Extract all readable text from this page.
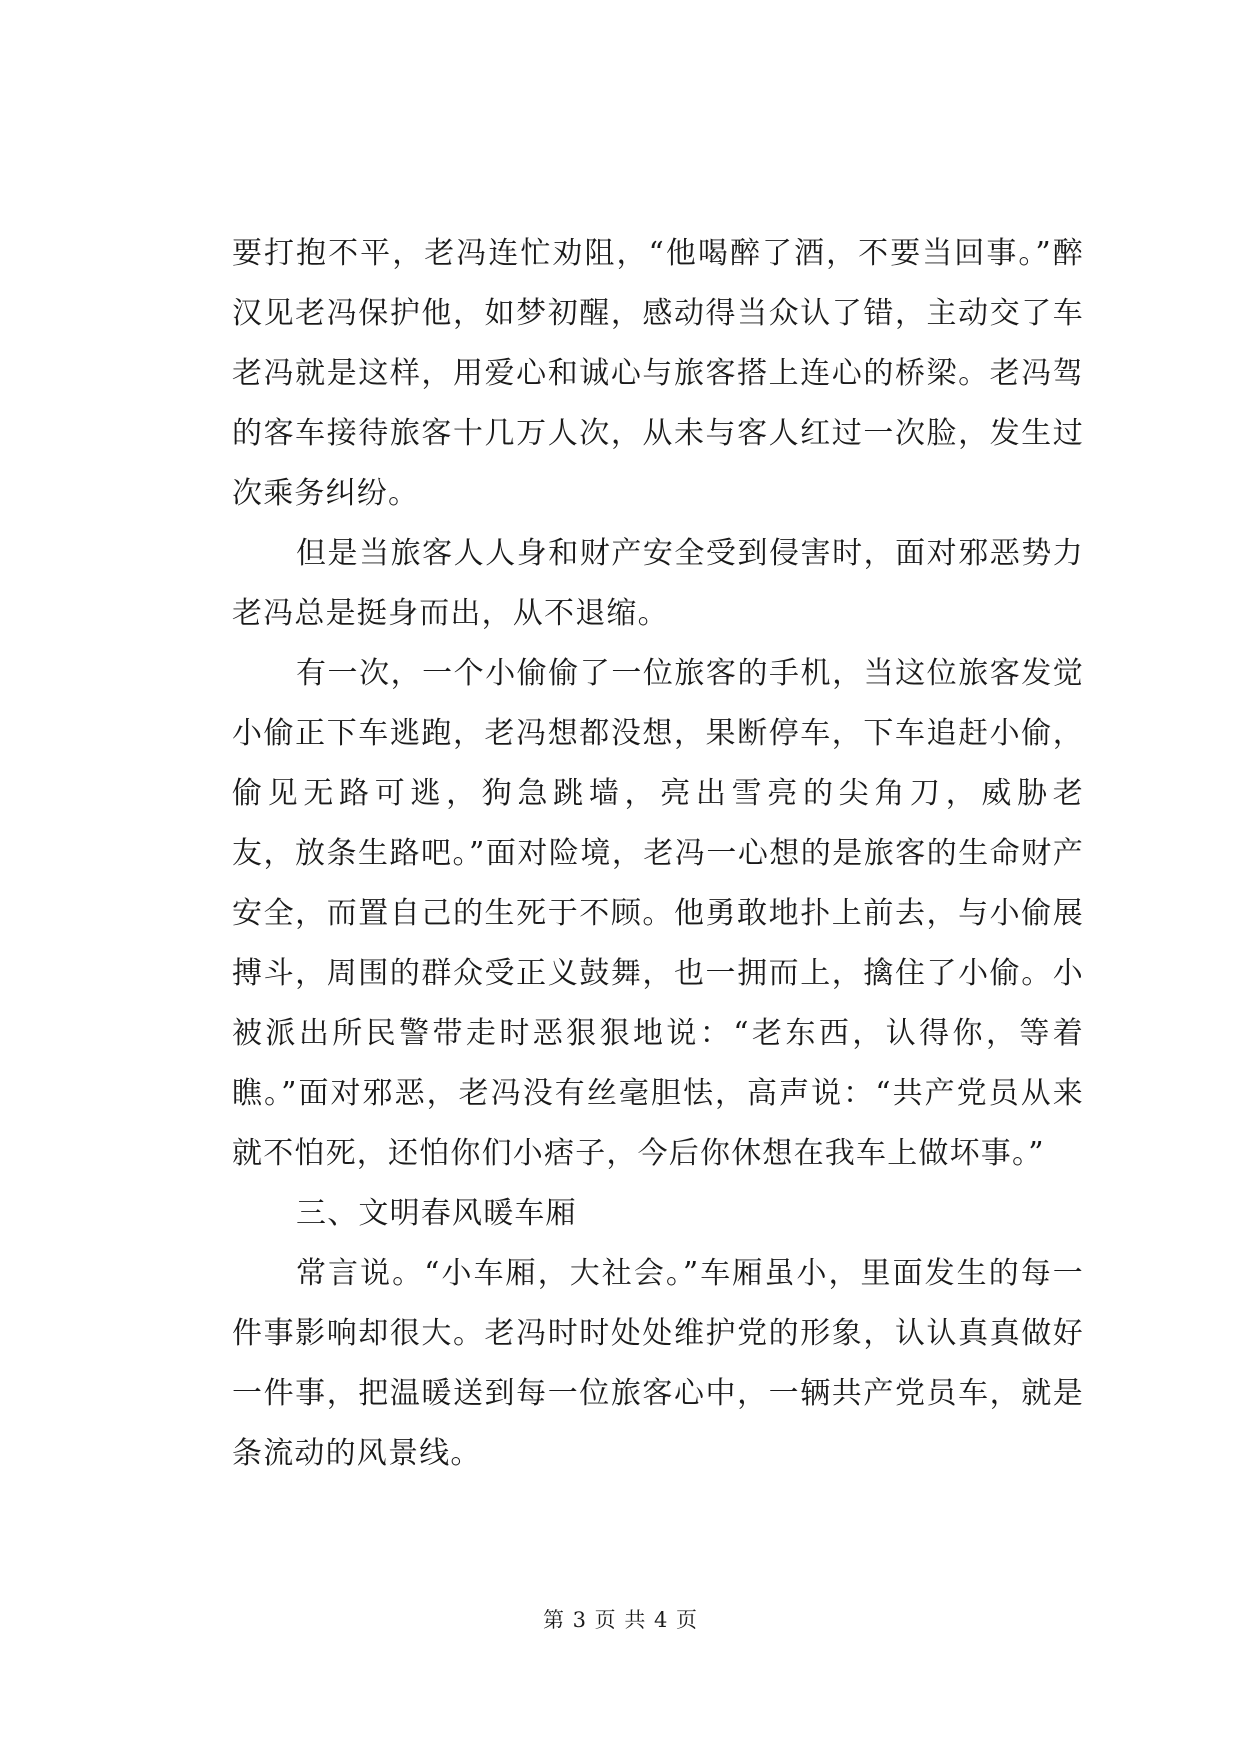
要打抱不平，老冯连忙劝阻，“他喝醉了酒，不要当回事。”醉
汉见老冯保护他，如梦初醒，感动得当众认了错，主动交了车
老冯就是这样，用爱心和诚心与旅客搭上连心的桥梁。老冯驾
的客车接待旅客十几万人次，从未与客人红过一次脸，发生过
次乘务纠纷。
但是当旅客人人身和财产安全受到侵害时，面对邪恶势力
老冯总是挺身而出，从不退缩。
有一次，一个小偷偷了一位旅客的手机，当这位旅客发觉
小偷正下车逃跑，老冯想都没想，果断停车，下车追赶小偷，
偷见无路可逃，狗急跳墙，亮出雪亮的尖角刀，威胁老
友，放条生路吧。”面对险境，老冯一心想的是旅客的生命财产
安全，而置自己的生死于不顾。他勇敢地扑上前去，与小偷展
搏斗，周围的群众受正义鼓舞，也一拥而上，擒住了小偷。小
被派出所民警带走时恶狠狠地说：“老东西，认得你，等着
瞧。”面对邪恶，老冯没有丝毫胆怯，高声说：“共产党员从来
就不怕死，还怕你们小痞子，今后你休想在我车上做坏事。”
三、文明春风暖车厢
常言说。“小车厢，大社会。”车厢虽小，里面发生的每一
件事影响却很大。老冯时时处处维护党的形象，认认真真做好
一件事，把温暖送到每一位旅客心中，一辆共产党员车，就是
条流动的风景线。
第 3 页 共 4 页
